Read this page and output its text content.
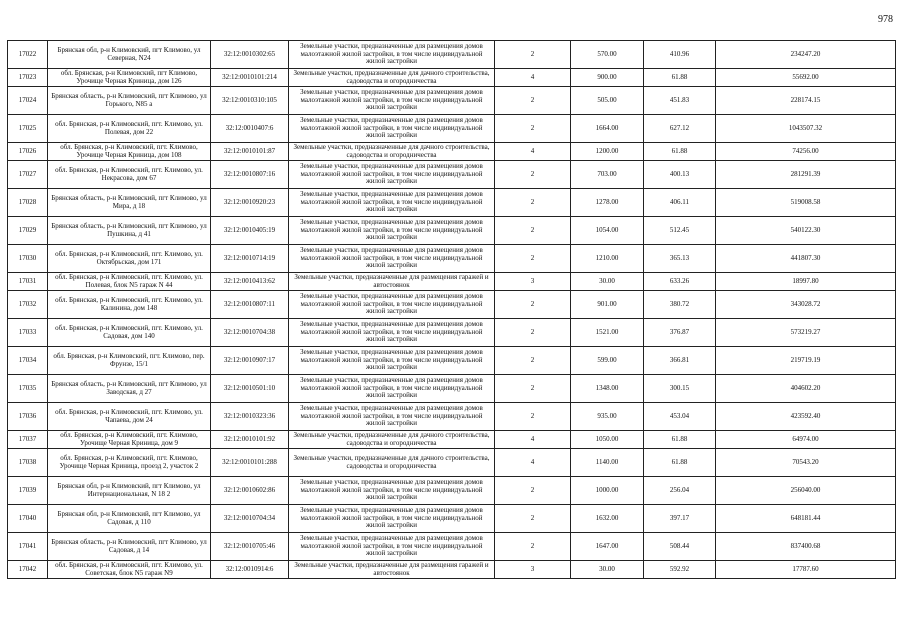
978
17022	Брянская обл, р-н Климовский, пгт Климово, ул Северная, N24	32:12:0010302:65	Земельные участки, предназначенные для размещения домов малоэтажной жилой застройки, в том числе индивидуальной жилой застройки	2	570.00	410.96	234247.20
17023	обл. Брянская, р-н Климовский, пгт Климово, Урочище Черная Криница, дом 126	32:12:0010101:214	Земельные участки, предназначенные для дачного строительства, садоводства и огородничества	4	900.00	61.88	55692.00
17024	Брянская область, р-н Климовский, пгт Климово, ул Горького, N85 а	32:12:0010310:105	Земельные участки, предназначенные для размещения домов малоэтажной жилой застройки, в том числе индивидуальной жилой застройки	2	505.00	451.83	228174.15
17025	обл. Брянская, р-н Климовский, пгт. Климово, ул. Полевая, дом 22	32:12:0010407:6	Земельные участки, предназначенные для размещения домов малоэтажной жилой застройки, в том числе индивидуальной жилой застройки	2	1664.00	627.12	1043507.32
17026	обл. Брянская, р-н Климовский, пгт. Климово, Урочище Черная Криница, дом 108	32:12:0010101:87	Земельные участки, предназначенные для дачного строительства, садоводства и огородничества	4	1200.00	61.88	74256.00
17027	обл. Брянская, р-н Климовский, пгт. Климово, ул. Некрасова, дом 67	32:12:0010807:16	Земельные участки, предназначенные для размещения домов малоэтажной жилой застройки, в том числе индивидуальной жилой застройки	2	703.00	400.13	281291.39
17028	Брянская область, р-н Климовский, пгт Климово, ул Мира, д 18	32:12:0010920:23	Земельные участки, предназначенные для размещения домов малоэтажной жилой застройки, в том числе индивидуальной жилой застройки	2	1278.00	406.11	519008.58
17029	Брянская область, р-н Климовский, пгт Климово, ул Пушкина, д 41	32:12:0010405:19	Земельные участки, предназначенные для размещения домов малоэтажной жилой застройки, в том числе индивидуальной жилой застройки	2	1054.00	512.45	540122.30
17030	обл. Брянская, р-н Климовский, пгт. Климово, ул. Октябрьская, дом 171	32:12:0010714:19	Земельные участки, предназначенные для размещения домов малоэтажной жилой застройки, в том числе индивидуальной жилой застройки	2	1210.00	365.13	441807.30
17031	обл. Брянская, р-н Климовский, пгт. Климово, ул. Полевая, блок N5 гараж N 44	32:12:0010413:62	Земельные участки, предназначенные для размещения гаражей и автостоянок	3	30.00	633.26	18997.80
17032	обл. Брянская, р-н Климовский, пгт. Климово, ул. Калинина, дом 148	32:12:0010807:11	Земельные участки, предназначенные для размещения домов малоэтажной жилой застройки, в том числе индивидуальной жилой застройки	2	901.00	380.72	343028.72
17033	обл. Брянская, р-н Климовский, пгт. Климово, ул. Садовая, дом 140	32:12:0010704:38	Земельные участки, предназначенные для размещения домов малоэтажной жилой застройки, в том числе индивидуальной жилой застройки	2	1521.00	376.87	573219.27
17034	обл. Брянская, р-н Климовский, пгт. Климово, пер. Фрунзе, 15/1	32:12:0010907:17	Земельные участки, предназначенные для размещения домов малоэтажной жилой застройки, в том числе индивидуальной жилой застройки	2	599.00	366.81	219719.19
17035	Брянская область, р-н Климовский, пгт Климово, ул Заводская, д 27	32:12:0010501:10	Земельные участки, предназначенные для размещения домов малоэтажной жилой застройки, в том числе индивидуальной жилой застройки	2	1348.00	300.15	404602.20
17036	обл. Брянская, р-н Климовский, пгт. Климово, ул. Чапаева, дом 24	32:12:0010323:36	Земельные участки, предназначенные для размещения домов малоэтажной жилой застройки, в том числе индивидуальной жилой застройки	2	935.00	453.04	423592.40
17037	обл. Брянская, р-н Климовский, пгт. Климово, Урочище Черная Криница, дом 9	32:12:0010101:92	Земельные участки, предназначенные для дачного строительства, садоводства и огородничества	4	1050.00	61.88	64974.00
17038	обл. Брянская, р-н Климовский, пгт. Климово, Урочище Черная Криница, проезд 2, участок 2	32:12:0010101:288	Земельные участки, предназначенные для дачного строительства, садоводства и огородничества	4	1140.00	61.88	70543.20
17039	Брянская обл, р-н Климовский, пгт Климово, ул Интернациональная, N 18 2	32:12:0010602:86	Земельные участки, предназначенные для размещения домов малоэтажной жилой застройки, в том числе индивидуальной жилой застройки	2	1000.00	256.04	256040.00
17040	Брянская обл, р-н Климовский, пгт Климово, ул Садовая, д 110	32:12:0010704:34	Земельные участки, предназначенные для размещения домов малоэтажной жилой застройки, в том числе индивидуальной жилой застройки	2	1632.00	397.17	648181.44
17041	Брянская область, р-н Климовский, пгт Климово, ул Садовая, д 14	32:12:0010705:46	Земельные участки, предназначенные для размещения домов малоэтажной жилой застройки, в том числе индивидуальной жилой застройки	2	1647.00	508.44	837400.68
17042	обл. Брянская, р-н Климовский, пгт. Климово, ул. Советская, блок N5 гараж N9	32:12:0010914:6	Земельные участки, предназначенные для размещения гаражей и автостоянок	3	30.00	592.92	17787.60
